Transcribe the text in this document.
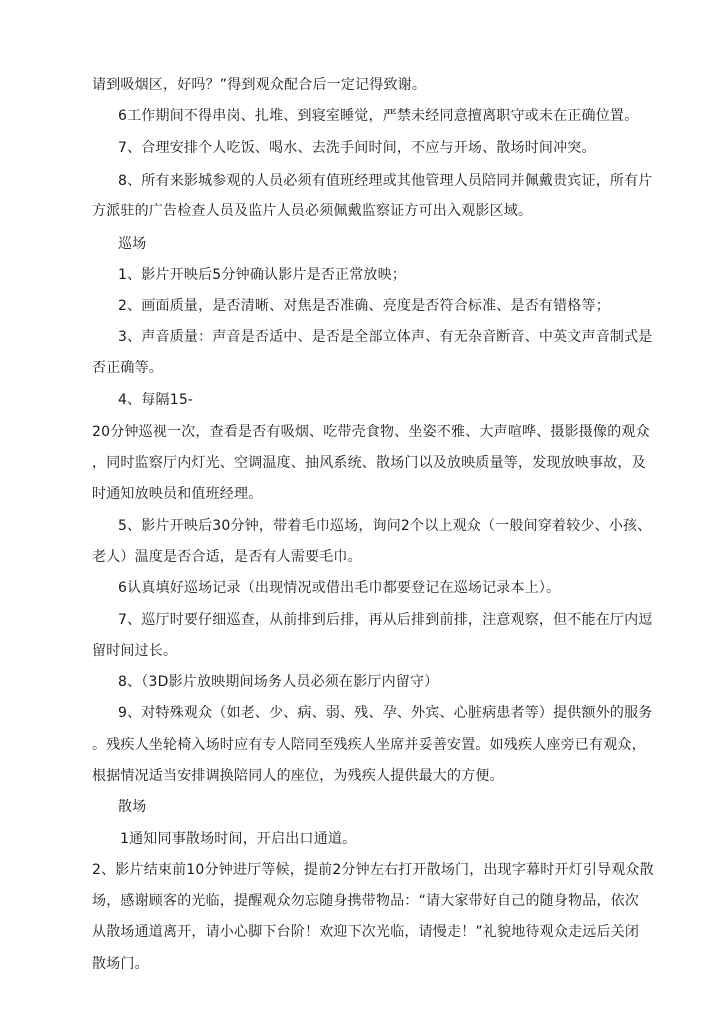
请到吸烟区，好吗？”得到观众配合后一定记得致谢。
6工作期间不得串岗、扎堆、到寝室睡觉，严禁未经同意擅离职守或未在正确位置。
7、合理安排个人吃饭、喝水、去洗手间时间，不应与开场、散场时间冲突。
8、所有来影城参观的人员必须有值班经理或其他管理人员陪同并佩戴贵宾证，所有片
方派驻的广告检查人员及监片人员必须佩戴监察证方可出入观影区域。
巡场
1、影片开映后5分钟确认影片是否正常放映；
2、画面质量，是否清晰、对焦是否准确、亮度是否符合标准、是否有错格等；
3、声音质量：声音是否适中、是否是全部立体声、有无杂音断音、中英文声音制式是
否正确等。
4、每隔15-
20分钟巡视一次，查看是否有吸烟、吃带壳食物、坐姿不雅、大声喧哗、摄影摄像的观众
，同时监察厅内灯光、空调温度、抽风系统、散场门以及放映质量等，发现放映事故，及
时通知放映员和值班经理。
5、影片开映后30分钟，带着毛巾巡场，询问2个以上观众（一般间穿着较少、小孩、
老人）温度是否合适，是否有人需要毛巾。
6认真填好巡场记录（出现情况或借出毛巾都要登记在巡场记录本上）。
7、巡厅时要仔细巡查，从前排到后排，再从后排到前排，注意观察，但不能在厅内逗
留时间过长。
8、（3D影片放映期间场务人员必须在影厅内留守）
9、对特殊观众（如老、少、病、弱、残、孕、外宾、心脏病患者等）提供额外的服务
。残疾人坐轮椅入场时应有专人陪同至残疾人坐席并妥善安置。如残疾人座旁已有观众，
根据情况适当安排调换陪同人的座位，为残疾人提供最大的方便。
散场
1通知同事散场时间，开启出口通道。
2、影片结束前10分钟进厅等候，提前2分钟左右打开散场门，出现字幕时开灯引导观众散
场，感谢顾客的光临，提醒观众勿忘随身携带物品：“请大家带好自己的随身物品，依次
从散场通道离开，请小心脚下台阶！欢迎下次光临，请慢走！”礼貌地待观众走远后关闭
散场门。
